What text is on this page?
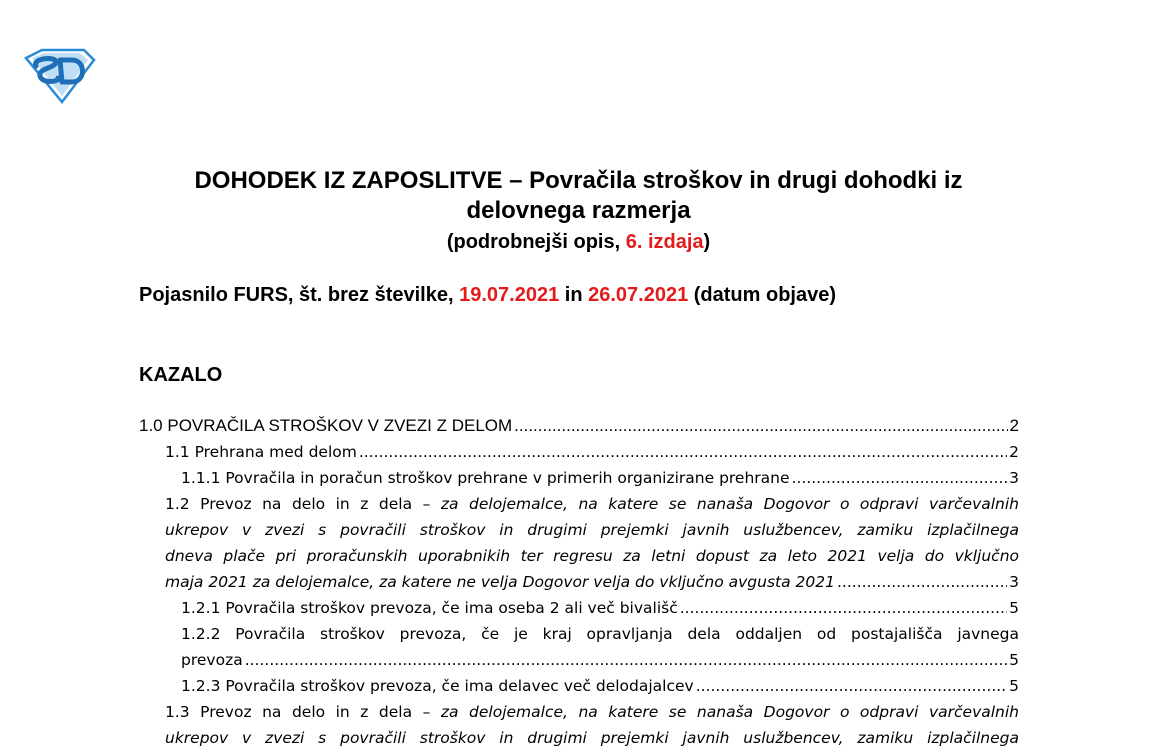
DOHODEK IZ ZAPOSLITVE – Povračila stroškov in drugi dohodki iz
delovnega razmerja
(podrobnejši opis, 6. izdaja)
Pojasnilo FURS, št. brez številke, 19.07.2021 in 26.07.2021 (datum objave)
KAZALO
1.0 POVRAČILA STROŠKOV V ZVEZI Z DELOM .....	2
1.1 Prehrana med delom .....	2
1.1.1 Povračila in poračun stroškov prehrane v primerih organizirane prehrane .....	3
1.2 Prevoz na delo in z dela – za delojemalce, na katere se nanaša Dogovor o odpravi varčevalnih
ukrepov v zvezi s povračili stroškov in drugimi prejemki javnih uslužbencev, zamiku izplačilnega
dneva plače pri proračunskih uporabnikih ter regresu za letni dopust za leto 2021 velja do vključno
maja 2021 za delojemalce, za katere ne velja Dogovor velja do vključno avgusta 2021 .....	3
1.2.1 Povračila stroškov prevoza, če ima oseba 2 ali več bivališč .....	5
1.2.2 Povračila stroškov prevoza, če je kraj opravljanja dela oddaljen od postajališča javnega
prevoza .....	5
1.2.3 Povračila stroškov prevoza, če ima delavec več delodajalcev .....	5
1.3 Prevoz na delo in z dela – za delojemalce, na katere se nanaša Dogovor o odpravi varčevalnih
ukrepov v zvezi s povračili stroškov in drugimi prejemki javnih uslužbencev, zamiku izplačilnega
